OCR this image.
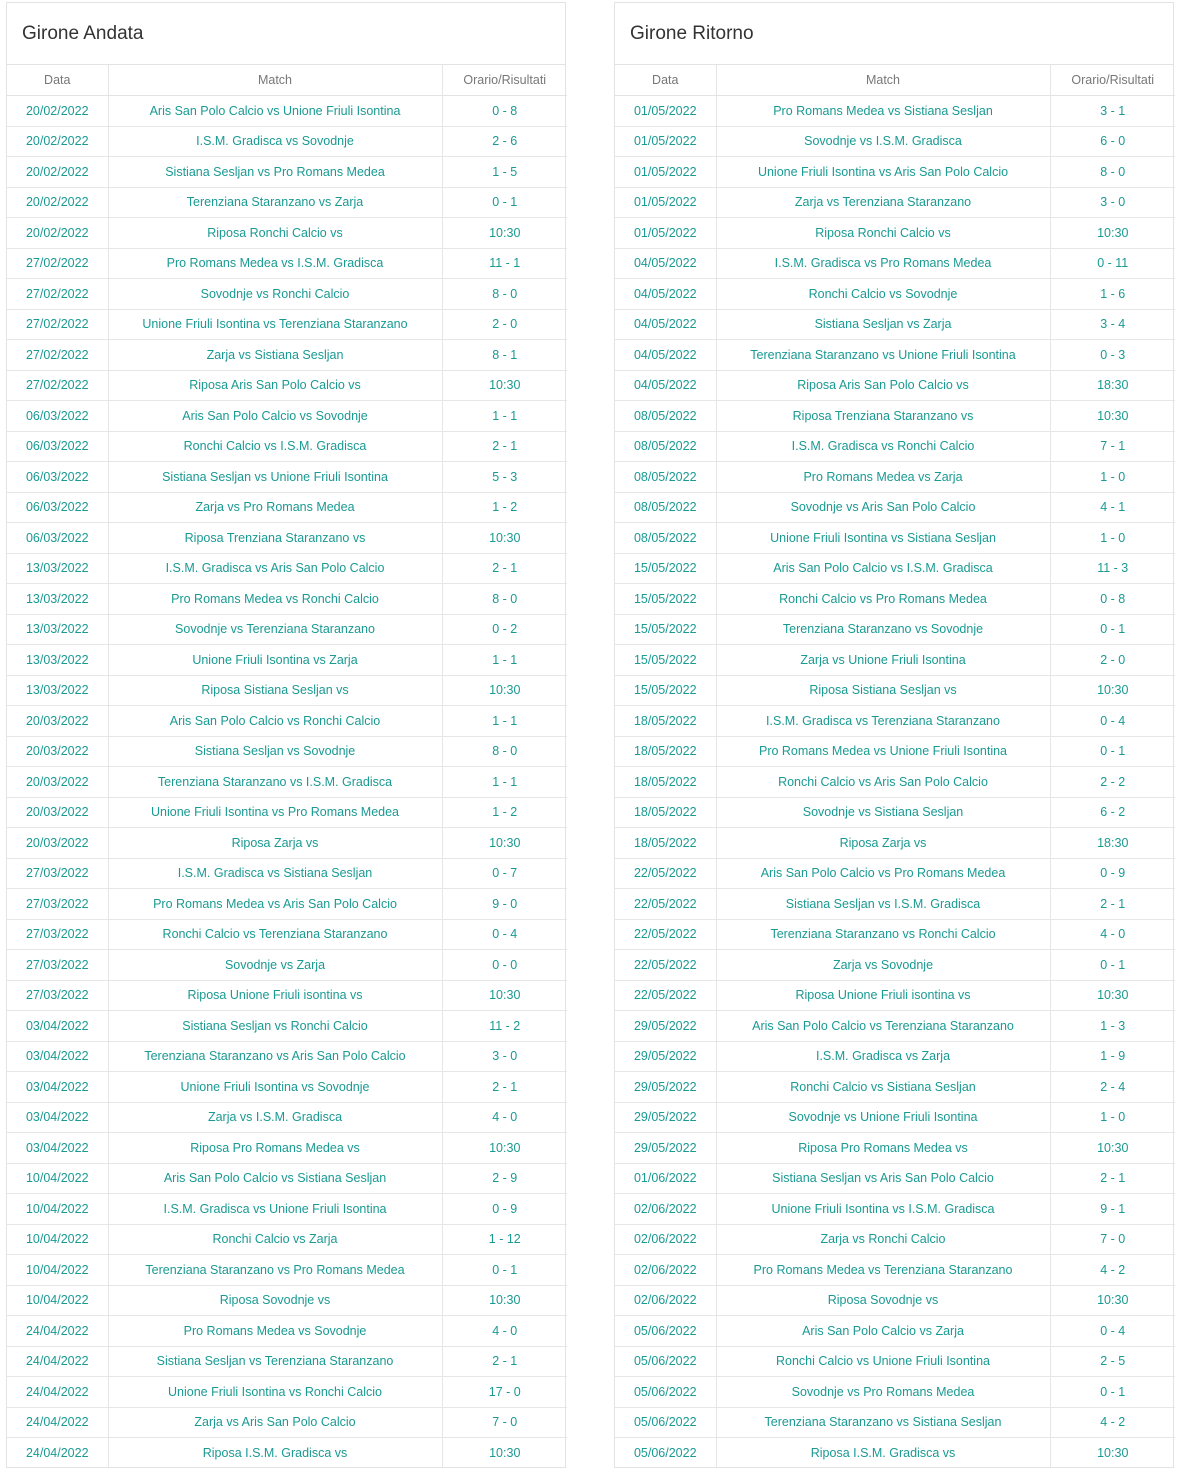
Girone Andata
Data	Match	Orario/Risultati
20/02/2022	Aris San Polo Calcio vs Unione Friuli Isontina	0 - 8
20/02/2022	I.S.M. Gradisca vs Sovodnje	2 - 6
20/02/2022	Sistiana Sesljan vs Pro Romans Medea	1 - 5
20/02/2022	Terenziana Staranzano vs Zarja	0 - 1
20/02/2022	Riposa Ronchi Calcio vs	10:30
27/02/2022	Pro Romans Medea vs I.S.M. Gradisca	11 - 1
27/02/2022	Sovodnje vs Ronchi Calcio	8 - 0
27/02/2022	Unione Friuli Isontina vs Terenziana Staranzano	2 - 0
27/02/2022	Zarja vs Sistiana Sesljan	8 - 1
27/02/2022	Riposa Aris San Polo Calcio vs	10:30
06/03/2022	Aris San Polo Calcio vs Sovodnje	1 - 1
06/03/2022	Ronchi Calcio vs I.S.M. Gradisca	2 - 1
06/03/2022	Sistiana Sesljan vs Unione Friuli Isontina	5 - 3
06/03/2022	Zarja vs Pro Romans Medea	1 - 2
06/03/2022	Riposa Trenziana Staranzano vs	10:30
13/03/2022	I.S.M. Gradisca vs Aris San Polo Calcio	2 - 1
13/03/2022	Pro Romans Medea vs Ronchi Calcio	8 - 0
13/03/2022	Sovodnje vs Terenziana Staranzano	0 - 2
13/03/2022	Unione Friuli Isontina vs Zarja	1 - 1
13/03/2022	Riposa Sistiana Sesljan vs	10:30
20/03/2022	Aris San Polo Calcio vs Ronchi Calcio	1 - 1
20/03/2022	Sistiana Sesljan vs Sovodnje	8 - 0
20/03/2022	Terenziana Staranzano vs I.S.M. Gradisca	1 - 1
20/03/2022	Unione Friuli Isontina vs Pro Romans Medea	1 - 2
20/03/2022	Riposa Zarja vs	10:30
27/03/2022	I.S.M. Gradisca vs Sistiana Sesljan	0 - 7
27/03/2022	Pro Romans Medea vs Aris San Polo Calcio	9 - 0
27/03/2022	Ronchi Calcio vs Terenziana Staranzano	0 - 4
27/03/2022	Sovodnje vs Zarja	0 - 0
27/03/2022	Riposa Unione Friuli isontina vs	10:30
03/04/2022	Sistiana Sesljan vs Ronchi Calcio	11 - 2
03/04/2022	Terenziana Staranzano vs Aris San Polo Calcio	3 - 0
03/04/2022	Unione Friuli Isontina vs Sovodnje	2 - 1
03/04/2022	Zarja vs I.S.M. Gradisca	4 - 0
03/04/2022	Riposa Pro Romans Medea vs	10:30
10/04/2022	Aris San Polo Calcio vs Sistiana Sesljan	2 - 9
10/04/2022	I.S.M. Gradisca vs Unione Friuli Isontina	0 - 9
10/04/2022	Ronchi Calcio vs Zarja	1 - 12
10/04/2022	Terenziana Staranzano vs Pro Romans Medea	0 - 1
10/04/2022	Riposa Sovodnje vs	10:30
24/04/2022	Pro Romans Medea vs Sovodnje	4 - 0
24/04/2022	Sistiana Sesljan vs Terenziana Staranzano	2 - 1
24/04/2022	Unione Friuli Isontina vs Ronchi Calcio	17 - 0
24/04/2022	Zarja vs Aris San Polo Calcio	7 - 0
24/04/2022	Riposa I.S.M. Gradisca vs	10:30
Girone Ritorno
Data	Match	Orario/Risultati
01/05/2022	Pro Romans Medea vs Sistiana Sesljan	3 - 1
01/05/2022	Sovodnje vs I.S.M. Gradisca	6 - 0
01/05/2022	Unione Friuli Isontina vs Aris San Polo Calcio	8 - 0
01/05/2022	Zarja vs Terenziana Staranzano	3 - 0
01/05/2022	Riposa Ronchi Calcio vs	10:30
04/05/2022	I.S.M. Gradisca vs Pro Romans Medea	0 - 11
04/05/2022	Ronchi Calcio vs Sovodnje	1 - 6
04/05/2022	Sistiana Sesljan vs Zarja	3 - 4
04/05/2022	Terenziana Staranzano vs Unione Friuli Isontina	0 - 3
04/05/2022	Riposa Aris San Polo Calcio vs	18:30
08/05/2022	Riposa Trenziana Staranzano vs	10:30
08/05/2022	I.S.M. Gradisca vs Ronchi Calcio	7 - 1
08/05/2022	Pro Romans Medea vs Zarja	1 - 0
08/05/2022	Sovodnje vs Aris San Polo Calcio	4 - 1
08/05/2022	Unione Friuli Isontina vs Sistiana Sesljan	1 - 0
15/05/2022	Aris San Polo Calcio vs I.S.M. Gradisca	11 - 3
15/05/2022	Ronchi Calcio vs Pro Romans Medea	0 - 8
15/05/2022	Terenziana Staranzano vs Sovodnje	0 - 1
15/05/2022	Zarja vs Unione Friuli Isontina	2 - 0
15/05/2022	Riposa Sistiana Sesljan vs	10:30
18/05/2022	I.S.M. Gradisca vs Terenziana Staranzano	0 - 4
18/05/2022	Pro Romans Medea vs Unione Friuli Isontina	0 - 1
18/05/2022	Ronchi Calcio vs Aris San Polo Calcio	2 - 2
18/05/2022	Sovodnje vs Sistiana Sesljan	6 - 2
18/05/2022	Riposa Zarja vs	18:30
22/05/2022	Aris San Polo Calcio vs Pro Romans Medea	0 - 9
22/05/2022	Sistiana Sesljan vs I.S.M. Gradisca	2 - 1
22/05/2022	Terenziana Staranzano vs Ronchi Calcio	4 - 0
22/05/2022	Zarja vs Sovodnje	0 - 1
22/05/2022	Riposa Unione Friuli isontina vs	10:30
29/05/2022	Aris San Polo Calcio vs Terenziana Staranzano	1 - 3
29/05/2022	I.S.M. Gradisca vs Zarja	1 - 9
29/05/2022	Ronchi Calcio vs Sistiana Sesljan	2 - 4
29/05/2022	Sovodnje vs Unione Friuli Isontina	1 - 0
29/05/2022	Riposa Pro Romans Medea vs	10:30
01/06/2022	Sistiana Sesljan vs Aris San Polo Calcio	2 - 1
02/06/2022	Unione Friuli Isontina vs I.S.M. Gradisca	9 - 1
02/06/2022	Zarja vs Ronchi Calcio	7 - 0
02/06/2022	Pro Romans Medea vs Terenziana Staranzano	4 - 2
02/06/2022	Riposa Sovodnje vs	10:30
05/06/2022	Aris San Polo Calcio vs Zarja	0 - 4
05/06/2022	Ronchi Calcio vs Unione Friuli Isontina	2 - 5
05/06/2022	Sovodnje vs Pro Romans Medea	0 - 1
05/06/2022	Terenziana Staranzano vs Sistiana Sesljan	4 - 2
05/06/2022	Riposa I.S.M. Gradisca vs	10:30
